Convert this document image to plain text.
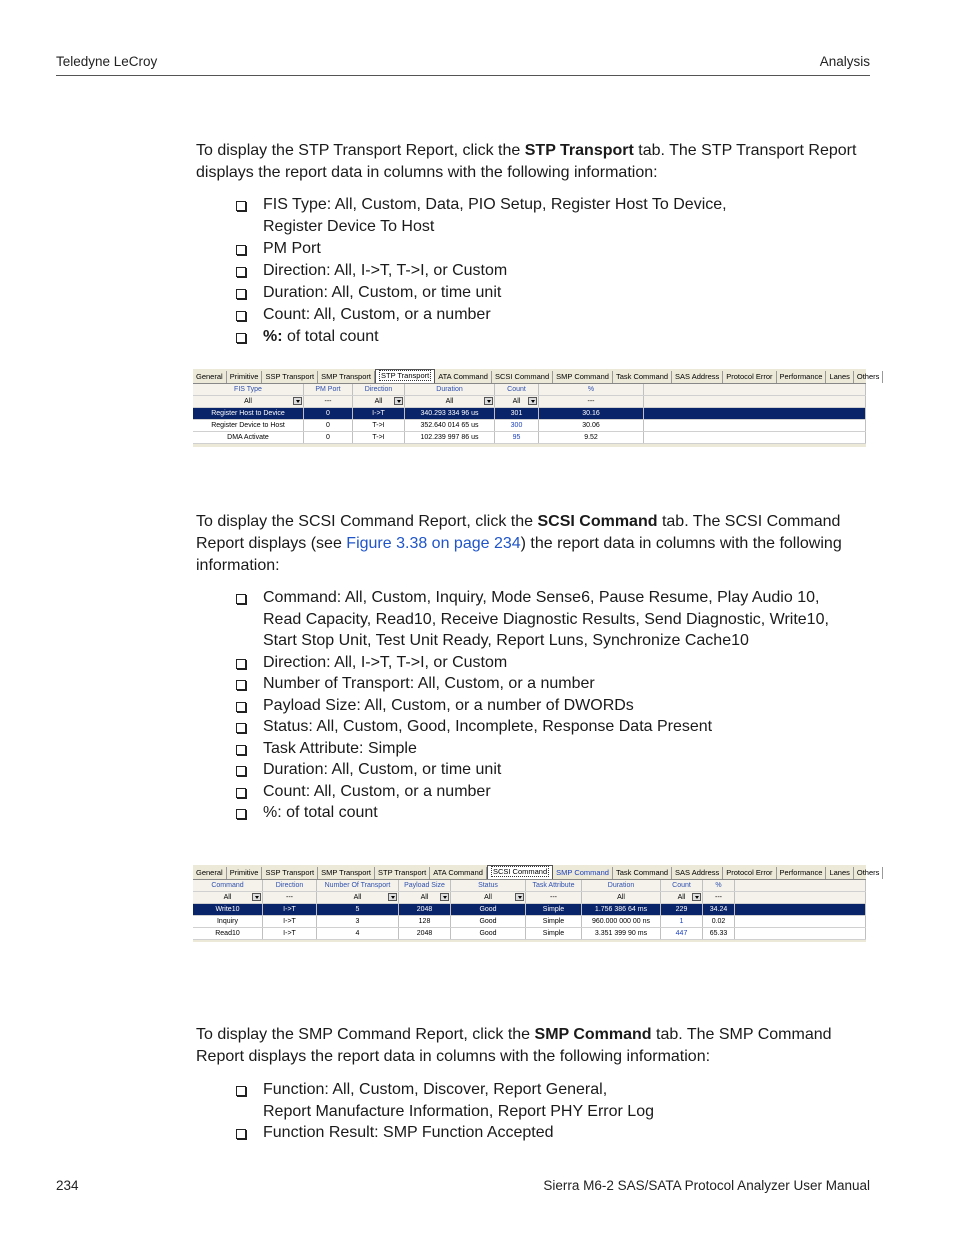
Teledyne LeCroy	Analysis

To display the STP Transport Report, click the STP Transport tab. The STP Transport Report displays the report data in columns with the following information:

FIS Type: All, Custom, Data, PIO Setup, Register Host To Device,
Register Device To Host
PM Port
Direction: All, I->T, T->I, or Custom
Duration: All, Custom, or time unit
Count: All, Custom, or a number
%: of total count
General Primitive SSP Transport SMP Transport	STP Transport	ATA Command SCSI Command SMP Command Task Command SAS Address Protocol Error Performance Lanes Others
FIS Type	PM Port	Direction	Duration	Count	%
All	---	All	All	All	---
Register Host to Device	0	I->T	340.293 334 96 us	301	30.16
Register Device to Host	0	T->I	352.640 014 65 us	300	30.06
DMA Activate	0	T->I	102.239 997 86 us	95	9.52

To display the SCSI Command Report, click the SCSI Command tab. The SCSI Command Report displays (see Figure 3.38 on page 234) the report data in columns with the following information:

Command: All, Custom, Inquiry, Mode Sense6, Pause Resume, Play Audio 10,
Read Capacity, Read10, Receive Diagnostic Results, Send Diagnostic, Write10,
Start Stop Unit, Test Unit Ready, Report Luns, Synchronize Cache10
Direction: All, I->T, T->I, or Custom
Number of Transport: All, Custom, or a number
Payload Size: All, Custom, or a number of DWORDs
Status: All, Custom, Good, Incomplete, Response Data Present
Task Attribute: Simple
Duration: All, Custom, or time unit
Count: All, Custom, or a number
%: of total count
General Primitive SSP Transport SMP Transport STP Transport ATA Command	SCSI Command	SMP Command Task Command SAS Address Protocol Error Performance Lanes Others
Command	Direction	Number Of Transport	Payload Size	Status	Task Attribute	Duration	Count	%
All	---	All	All	All	---	All	All	---
Write10	I->T	5	2048	Good	Simple	1.756 386 64 ms	229	34.24
Inquiry	I->T	3	128	Good	Simple	960.000 000 00 ns	1	0.02
Read10	I->T	4	2048	Good	Simple	3.351 399 90 ms	447	65.33

To display the SMP Command Report, click the SMP Command tab. The SMP Command Report displays the report data in columns with the following information:

Function: All, Custom, Discover, Report General,
Report Manufacture Information, Report PHY Error Log
Function Result: SMP Function Accepted
234	Sierra M6-2 SAS/SATA Protocol Analyzer User Manual
